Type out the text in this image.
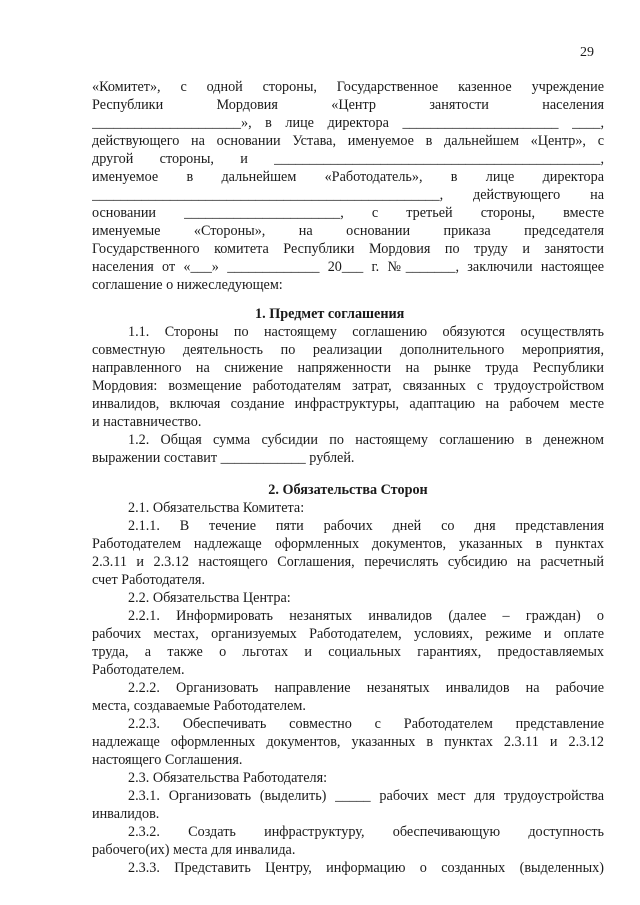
29
«Комитет», с одной стороны, Государственное казенное учреждение
Республики Мордовия «Центр занятости населения
_____________________», в лице директора ______________________ ____,
действующего на основании Устава, именуемое в дальнейшем «Центр», с
другой стороны, и ______________________________________________,
именуемое в дальнейшем «Работодатель», в лице директора
_________________________________________________, действующего на
основании ______________________, с третьей стороны, вместе
именуемые «Стороны», на основании приказа председателя
Государственного комитета Республики Мордовия по труду и занятости
населения от «___» _____________ 20___ г. №_______, заключили настоящее
соглашение о нижеследующем:
1. Предмет соглашения
1.1. Стороны по настоящему соглашению обязуются осуществлять
совместную деятельность по реализации дополнительного мероприятия,
направленного на снижение напряженности на рынке труда Республики
Мордовия: возмещение работодателям затрат, связанных с трудоустройством
инвалидов, включая создание инфраструктуры, адаптацию на рабочем месте
и наставничество.
1.2. Общая сумма субсидии по настоящему соглашению в денежном
выражении составит ____________ рублей.
2. Обязательства Сторон
2.1. Обязательства Комитета:
2.1.1. В течение пяти рабочих дней со дня представления
Работодателем надлежаще оформленных документов, указанных в пунктах
2.3.11 и 2.3.12 настоящего Соглашения, перечислять субсидию на расчетный
счет Работодателя.
2.2. Обязательства Центра:
2.2.1. Информировать незанятых инвалидов (далее – граждан) о
рабочих местах, организуемых Работодателем, условиях, режиме и оплате
труда, а также о льготах и социальных гарантиях, предоставляемых
Работодателем.
2.2.2. Организовать направление незанятых инвалидов на рабочие
места, создаваемые Работодателем.
2.2.3. Обеспечивать совместно с Работодателем представление
надлежаще оформленных документов, указанных в пунктах 2.3.11 и 2.3.12
настоящего Соглашения.
2.3. Обязательства Работодателя:
2.3.1. Организовать (выделить) _____ рабочих мест для трудоустройства
инвалидов.
2.3.2. Создать инфраструктуру, обеспечивающую доступность
рабочего(их) места для инвалида.
2.3.3. Представить Центру, информацию о созданных (выделенных)
